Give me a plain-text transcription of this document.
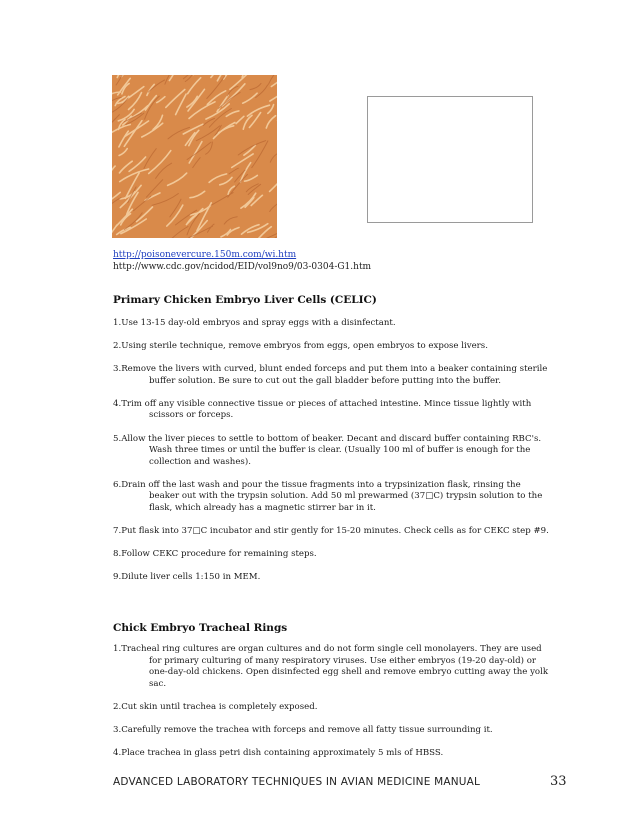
http://poisonevercure.150m.com/wi.htm
http://www.cdc.gov/ncidod/EID/vol9no9/03-0304-G1.htm
Primary Chicken Embryo Liver Cells (CELIC)
1.Use 13-15 day-old embryos and spray eggs with a disinfectant.
2.Using sterile technique, remove embryos from eggs, open embryos to expose livers.
3.Remove the livers with curved, blunt ended forceps and put them into a beaker containing sterile buffer solution. Be sure to cut out the gall bladder before putting into the buffer.
4.Trim off any visible connective tissue or pieces of attached intestine. Mince tissue lightly with scissors or forceps.
5.Allow the liver pieces to settle to bottom of beaker. Decant and discard buffer containing RBC's. Wash three times or until the buffer is clear. (Usually 100 ml of buffer is enough for the collection and washes).
6.Drain off the last wash and pour the tissue fragments into a trypsinization flask, rinsing the beaker out with the trypsin solution. Add 50 ml prewarmed (37□C) trypsin solution to the flask, which already has a magnetic stirrer bar in it.
7.Put flask into 37□C incubator and stir gently for 15-20 minutes. Check cells as for CEKC step #9.
8.Follow CEKC procedure for remaining steps.
9.Dilute liver cells 1:150 in MEM.
Chick Embryo Tracheal Rings
1.Tracheal ring cultures are organ cultures and do not form single cell monolayers. They are used for primary culturing of many respiratory viruses. Use either embryos (19-20 day-old) or one-day-old chickens. Open disinfected egg shell and remove embryo cutting away the yolk sac.
2.Cut skin until trachea is completely exposed.
3.Carefully remove the trachea with forceps and remove all fatty tissue surrounding it.
4.Place trachea in glass petri dish containing approximately 5 mls of HBSS.
ADVANCED LABORATORY TECHNIQUES IN AVIAN MEDICINE MANUAL	33
